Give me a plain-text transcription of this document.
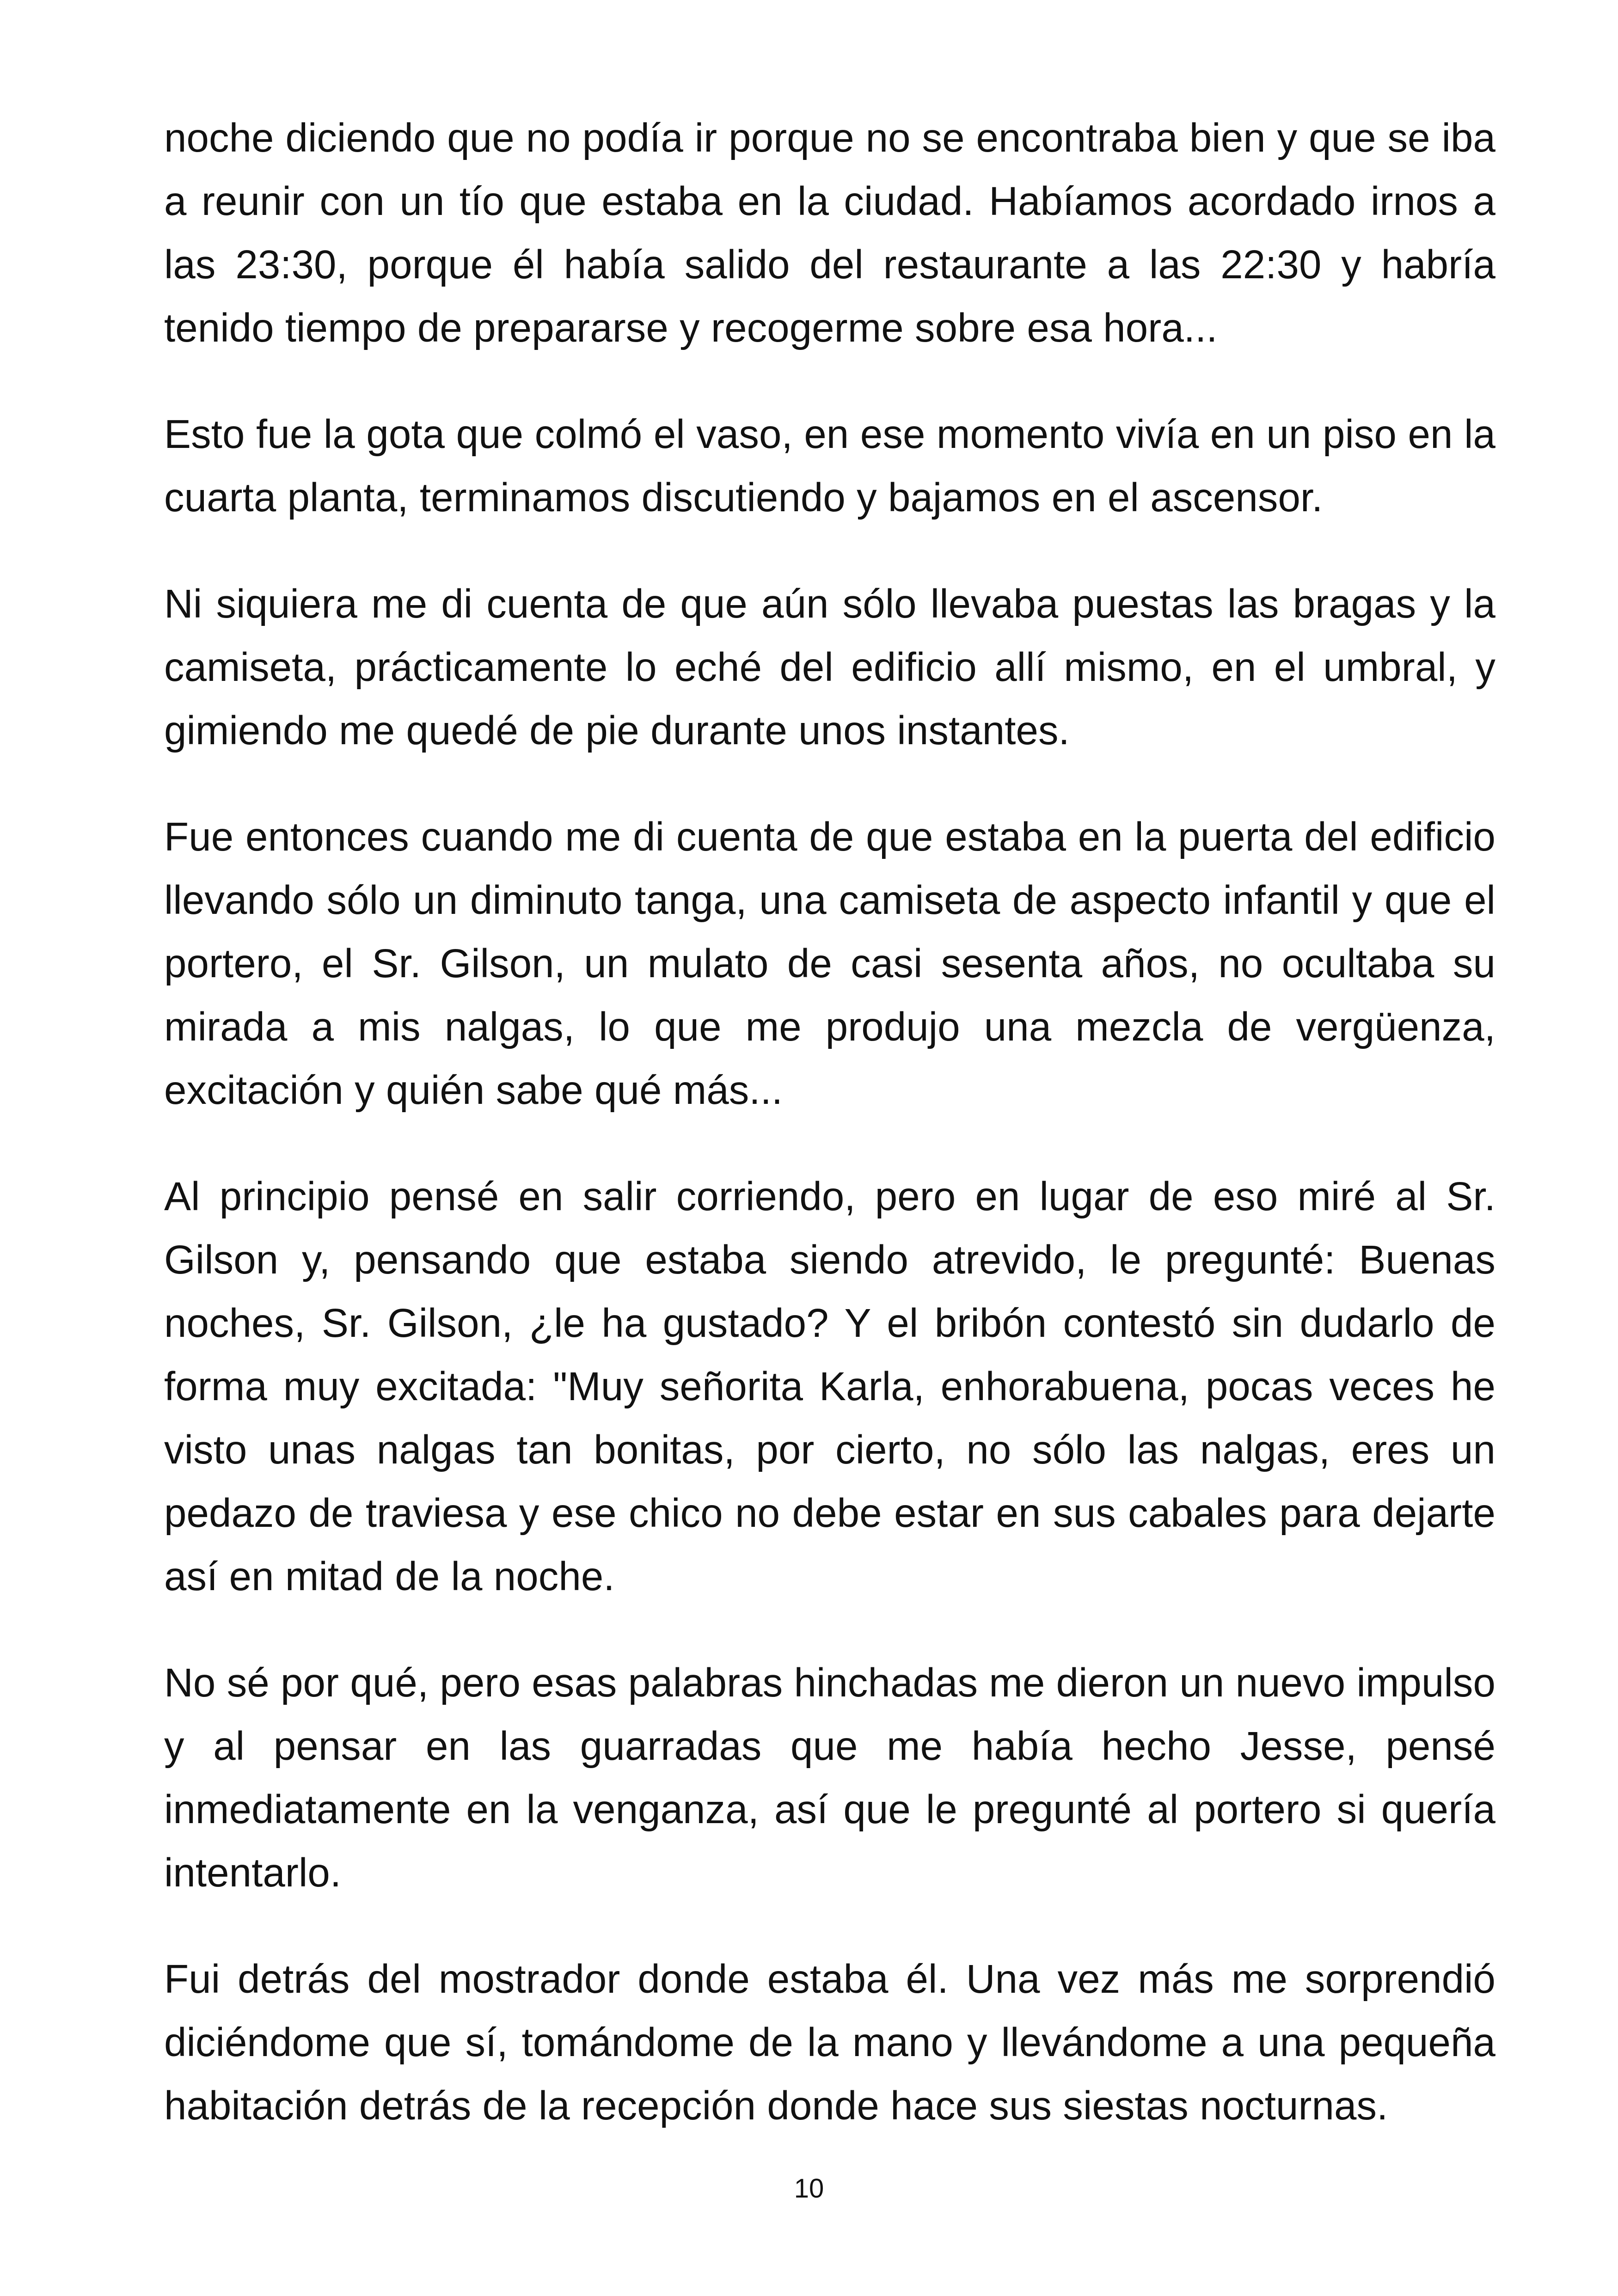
noche diciendo que no podía ir porque no se encontraba bien y que se iba a reunir con un tío que estaba en la ciudad. Habíamos acordado irnos a las 23:30, porque él había salido del restaurante a las 22:30 y habría tenido tiempo de prepararse y recogerme sobre esa hora...

Esto fue la gota que colmó el vaso, en ese momento vivía en un piso en la cuarta planta, terminamos discutiendo y bajamos en el ascensor.

Ni siquiera me di cuenta de que aún sólo llevaba puestas las bragas y la camiseta, prácticamente lo eché del edificio allí mismo, en el umbral, y gimiendo me quedé de pie durante unos instantes.

Fue entonces cuando me di cuenta de que estaba en la puerta del edificio llevando sólo un diminuto tanga, una camiseta de aspecto infantil y que el portero, el Sr. Gilson, un mulato de casi sesenta años, no ocultaba su mirada a mis nalgas, lo que me produjo una mezcla de vergüenza, excitación y quién sabe qué más...

Al principio pensé en salir corriendo, pero en lugar de eso miré al Sr. Gilson y, pensando que estaba siendo atrevido, le pregunté: Buenas noches, Sr. Gilson, ¿le ha gustado? Y el bribón contestó sin dudarlo de forma muy excitada: "Muy señorita Karla, enhorabuena, pocas veces he visto unas nalgas tan bonitas, por cierto, no sólo las nalgas, eres un pedazo de traviesa y ese chico no debe estar en sus cabales para dejarte así en mitad de la noche.

No sé por qué, pero esas palabras hinchadas me dieron un nuevo impulso y al pensar en las guarradas que me había hecho Jesse, pensé inmediatamente en la venganza, así que le pregunté al portero si quería intentarlo.

Fui detrás del mostrador donde estaba él. Una vez más me sorprendió diciéndome que sí, tomándome de la mano y llevándome a una pequeña habitación detrás de la recepción donde hace sus siestas nocturnas.

10
